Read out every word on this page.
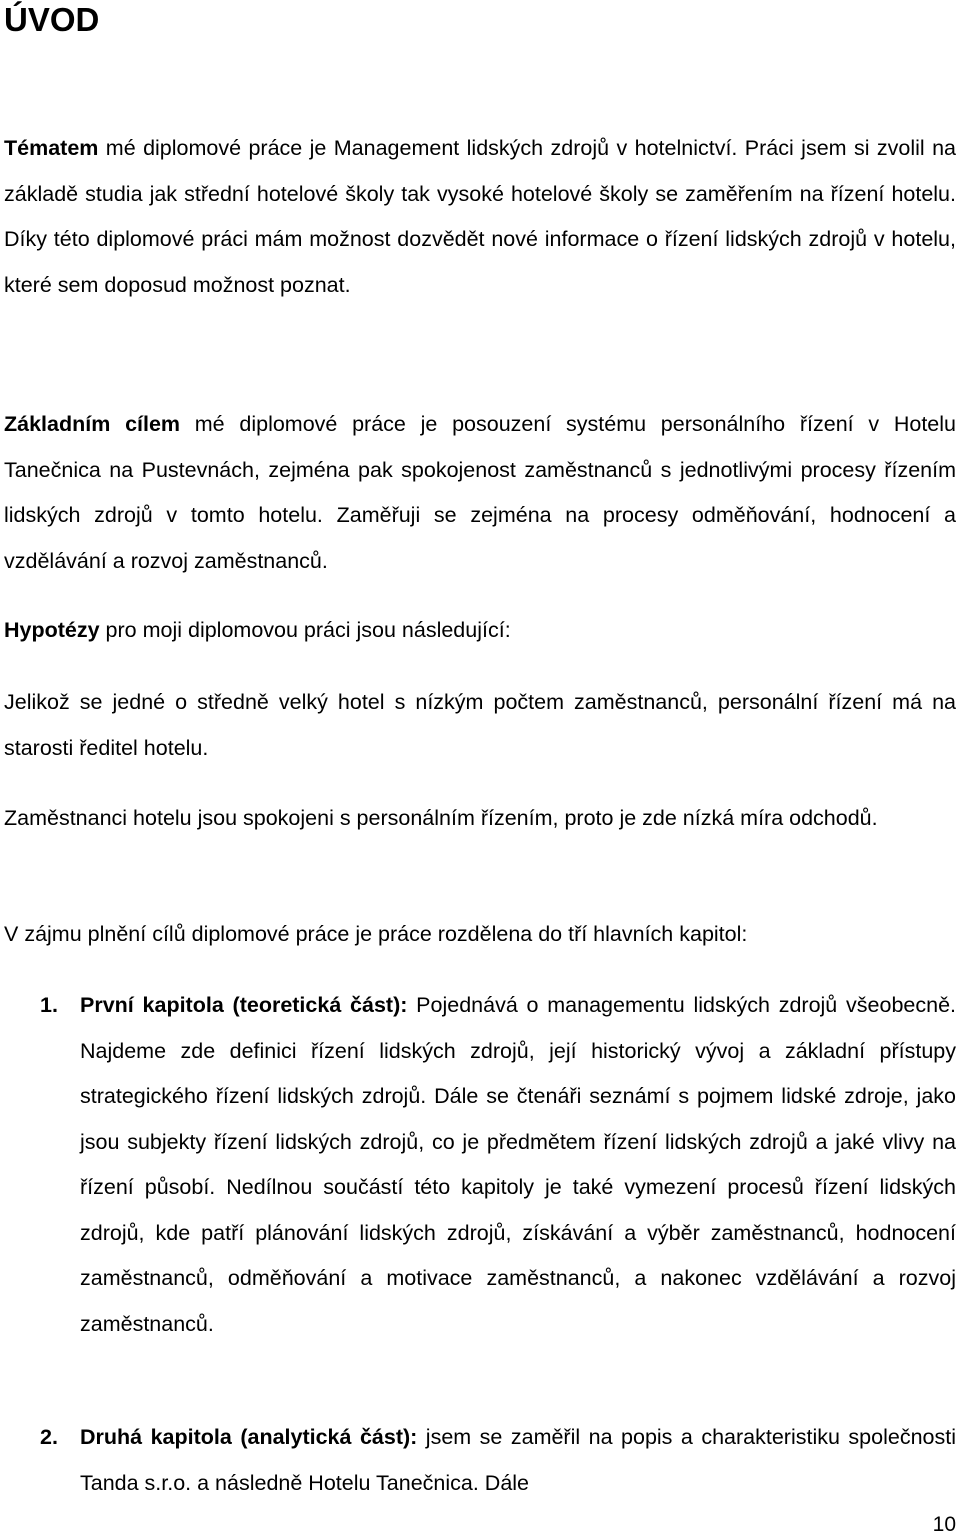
ÚVOD

Tématem mé diplomové práce je Management lidských zdrojů v hotelnictví. Práci jsem si zvolil na základě studia jak střední hotelové školy tak vysoké hotelové školy se zaměřením na řízení hotelu. Díky této diplomové práci mám možnost dozvědět nové informace o řízení lidských zdrojů v hotelu, které sem doposud možnost poznat.

Základním cílem mé diplomové práce je posouzení systému personálního řízení v Hotelu Tanečnica na Pustevnách, zejména pak spokojenost zaměstnanců s jednotlivými procesy řízením lidských zdrojů v tomto hotelu. Zaměřuji se zejména na procesy odměňování, hodnocení a vzdělávání a rozvoj zaměstnanců.

Hypotézy pro moji diplomovou práci jsou následující:

Jelikož se jedné o středně velký hotel s nízkým počtem zaměstnanců, personální řízení má na starosti ředitel hotelu.

Zaměstnanci hotelu jsou spokojeni s personálním řízením, proto je zde nízká míra odchodů.

V zájmu plnění cílů diplomové práce je práce rozdělena do tří hlavních kapitol:

1. První kapitola (teoretická část): Pojednává o managementu lidských zdrojů všeobecně. Najdeme zde definici řízení lidských zdrojů, její historický vývoj a základní přístupy strategického řízení lidských zdrojů. Dále se čtenáři seznámí s pojmem lidské zdroje, jako jsou subjekty řízení lidských zdrojů, co je předmětem řízení lidských zdrojů a jaké vlivy na řízení působí. Nedílnou součástí této kapitoly je také vymezení procesů řízení lidských zdrojů, kde patří plánování lidských zdrojů, získávání a výběr zaměstnanců, hodnocení zaměstnanců, odměňování a motivace zaměstnanců, a nakonec vzdělávání a rozvoj zaměstnanců.

2. Druhá kapitola (analytická část): jsem se zaměřil na popis a charakteristiku společnosti Tanda s.r.o. a následně Hotelu Tanečnica. Dále

10
